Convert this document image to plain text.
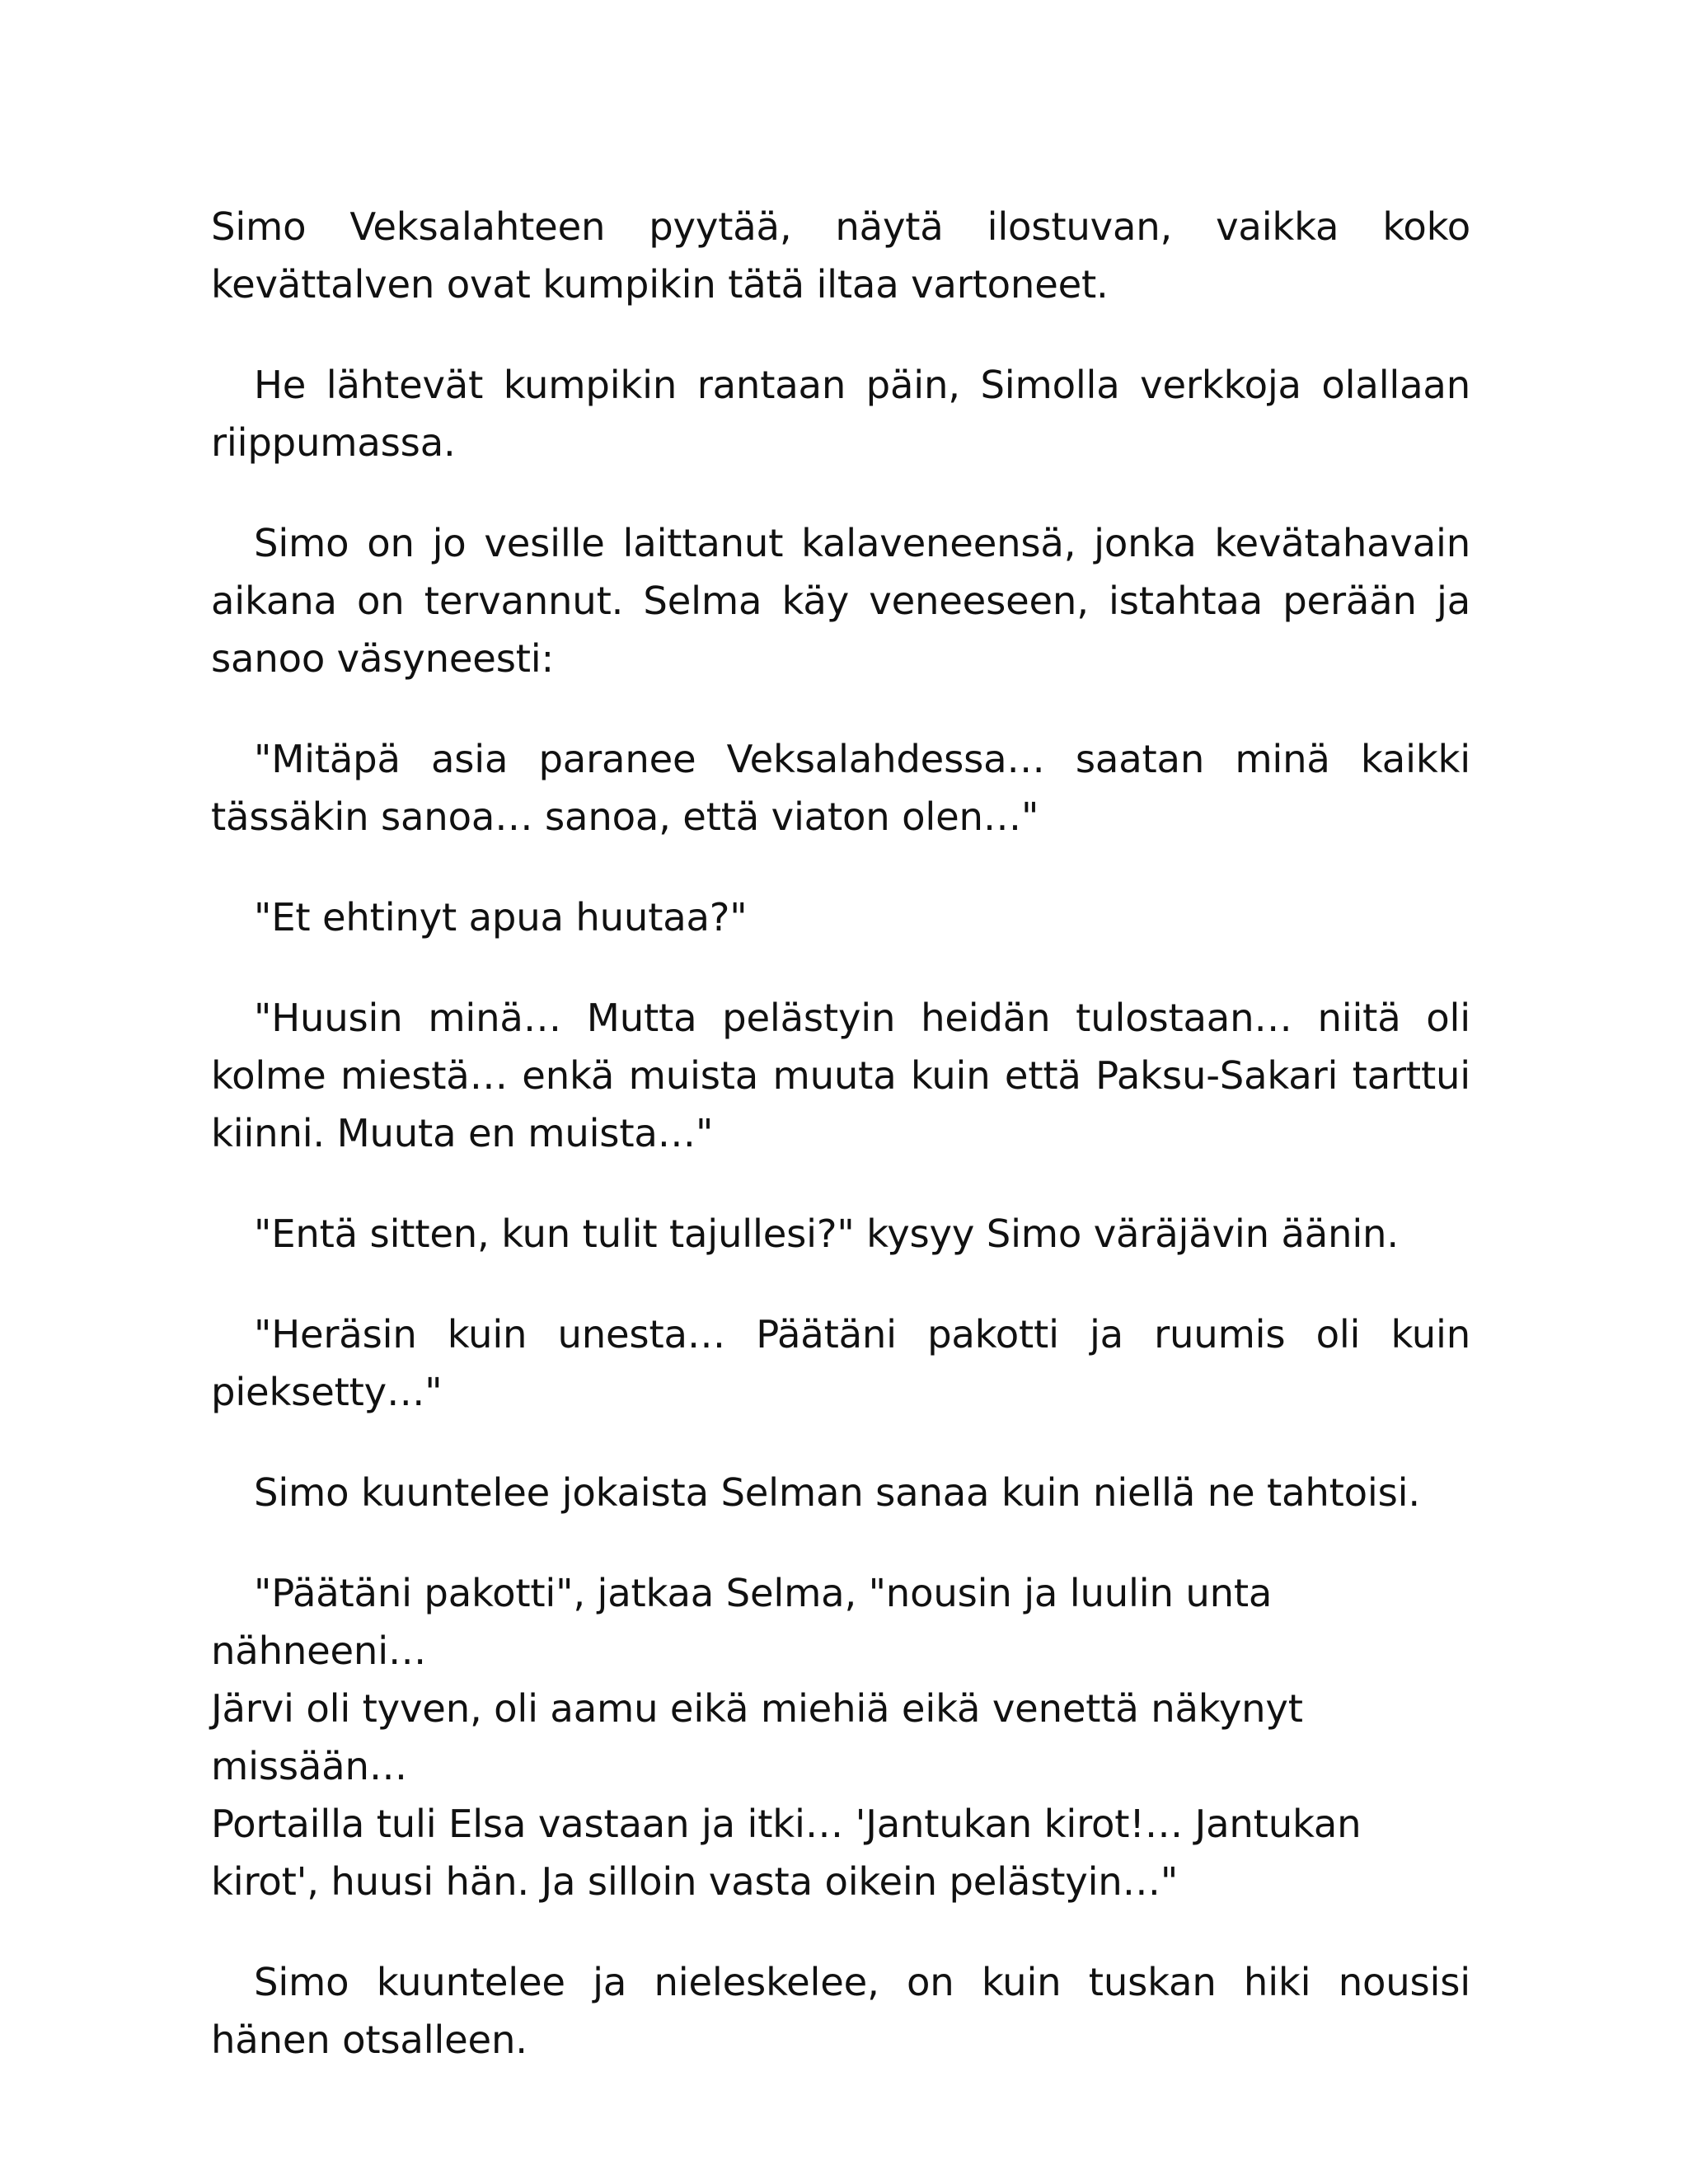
Simo Veksalahteen pyytää, näytä ilostuvan, vaikka koko kevättalven ovat kumpikin tätä iltaa vartoneet.

He lähtevät kumpikin rantaan päin, Simolla verkkoja olallaan riippumassa.

Simo on jo vesille laittanut kalaveneensä, jonka kevätahavain aikana on tervannut. Selma käy veneeseen, istahtaa perään ja sanoo väsyneesti:

"Mitäpä asia paranee Veksalahdessa… saatan minä kaikki tässäkin sanoa… sanoa, että viaton olen…"

"Et ehtinyt apua huutaa?"

"Huusin minä… Mutta pelästyin heidän tulostaan… niitä oli kolme miestä… enkä muista muuta kuin että Paksu-Sakari tarttui kiinni. Muuta en muista…"

"Entä sitten, kun tulit tajullesi?" kysyy Simo väräjävin äänin.

"Heräsin kuin unesta… Päätäni pakotti ja ruumis oli kuin pieksetty…"

Simo kuuntelee jokaista Selman sanaa kuin niellä ne tahtoisi.

"Päätäni pakotti", jatkaa Selma, "nousin ja luulin unta nähneeni…
Järvi oli tyven, oli aamu eikä miehiä eikä venettä näkynyt missään…
Portailla tuli Elsa vastaan ja itki… 'Jantukan kirot!… Jantukan
kirot', huusi hän. Ja silloin vasta oikein pelästyin…"

Simo kuuntelee ja nieleskelee, on kuin tuskan hiki nousisi hänen otsalleen.
